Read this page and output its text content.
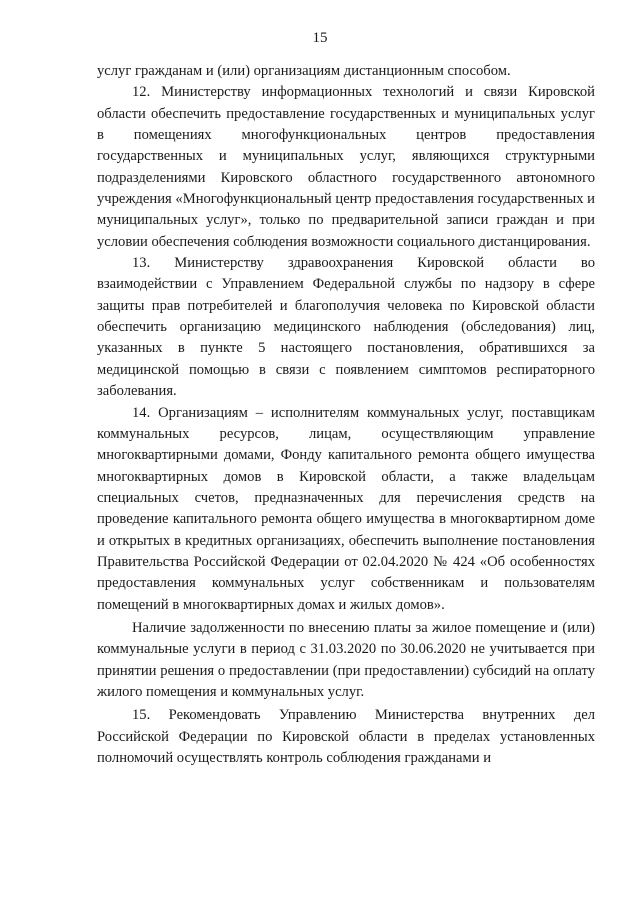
15

услуг гражданам и (или) организациям дистанционным способом.

12. Министерству информационных технологий и связи Кировской области обеспечить предоставление государственных и муниципальных услуг в помещениях многофункциональных центров предоставления государственных и муниципальных услуг, являющихся структурными подразделениями Кировского областного государственного автономного учреждения «Многофункциональный центр предоставления государственных и муниципальных услуг», только по предварительной записи граждан и при условии обеспечения соблюдения возможности социального дистанцирования.

13. Министерству здравоохранения Кировской области во взаимодействии с Управлением Федеральной службы по надзору в сфере защиты прав потребителей и благополучия человека по Кировской области обеспечить организацию медицинского наблюдения (обследования) лиц, указанных в пункте 5 настоящего постановления, обратившихся за медицинской помощью в связи с появлением симптомов респираторного заболевания.

14. Организациям – исполнителям коммунальных услуг, поставщикам коммунальных ресурсов, лицам, осуществляющим управление многоквартирными домами, Фонду капитального ремонта общего имущества многоквартирных домов в Кировской области, а также владельцам специальных счетов, предназначенных для перечисления средств на проведение капитального ремонта общего имущества в многоквартирном доме и открытых в кредитных организациях, обеспечить выполнение постановления Правительства Российской Федерации от 02.04.2020 № 424 «Об особенностях предоставления коммунальных услуг собственникам и пользователям помещений в многоквартирных домах и жилых домов».

Наличие задолженности по внесению платы за жилое помещение и (или) коммунальные услуги в период с 31.03.2020 по 30.06.2020 не учитывается при принятии решения о предоставлении (при предоставлении) субсидий на оплату жилого помещения и коммунальных услуг.

15. Рекомендовать Управлению Министерства внутренних дел Российской Федерации по Кировской области в пределах установленных полномочий осуществлять контроль соблюдения гражданами и
